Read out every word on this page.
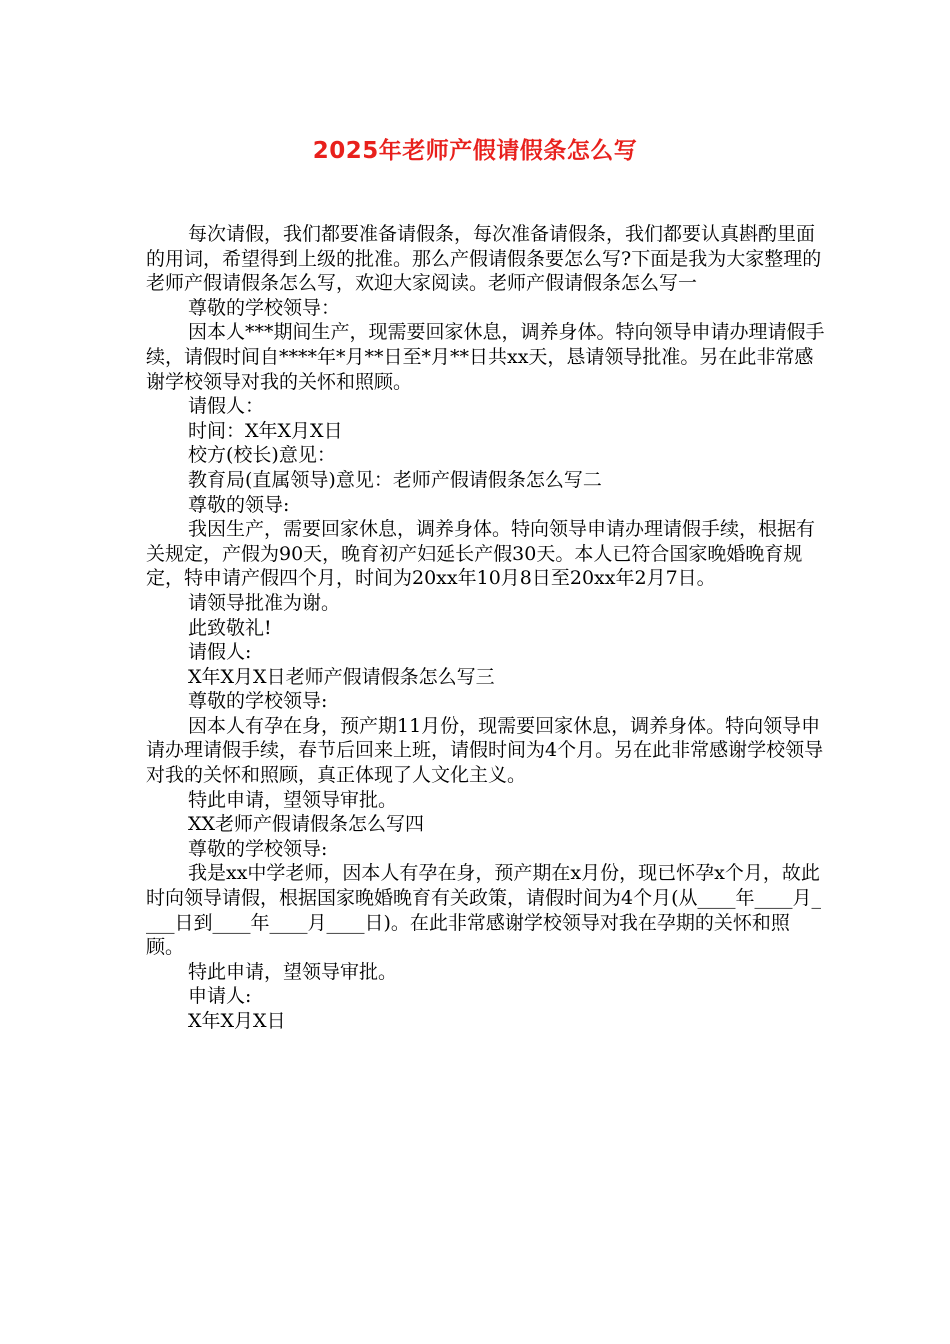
2025年老师产假请假条怎么写

每次请假，我们都要准备请假条，每次准备请假条，我们都要认真斟酌里面的用词，希望得到上级的批准。那么产假请假条要怎么写?下面是我为大家整理的老师产假请假条怎么写，欢迎大家阅读。老师产假请假条怎么写一

尊敬的学校领导：

因本人***期间生产，现需要回家休息，调养身体。特向领导申请办理请假手续，请假时间自****年*月**日至*月**日共xx天，恳请领导批准。另在此非常感谢学校领导对我的关怀和照顾。

请假人：

时间：X年X月X日

校方(校长)意见：

教育局(直属领导)意见：老师产假请假条怎么写二

尊敬的领导:

我因生产，需要回家休息，调养身体。特向领导申请办理请假手续，根据有关规定，产假为90天，晚育初产妇延长产假30天。本人已符合国家晚婚晚育规定，特申请产假四个月，时间为20xx年10月8日至20xx年2月7日。

请领导批准为谢。

此致敬礼!

请假人:

X年X月X日老师产假请假条怎么写三

尊敬的学校领导:

因本人有孕在身，预产期11月份，现需要回家休息，调养身体。特向领导申请办理请假手续，春节后回来上班，请假时间为4个月。另在此非常感谢学校领导对我的关怀和照顾，真正体现了人文化主义。

特此申请，望领导审批。

XX老师产假请假条怎么写四

尊敬的学校领导:

我是xx中学老师，因本人有孕在身，预产期在x月份，现已怀孕x个月，故此时向领导请假，根据国家晚婚晚育有关政策，请假时间为4个月(从____年____月____日到____年____月____日)。在此非常感谢学校领导对我在孕期的关怀和照顾。

特此申请，望领导审批。

申请人:

X年X月X日
